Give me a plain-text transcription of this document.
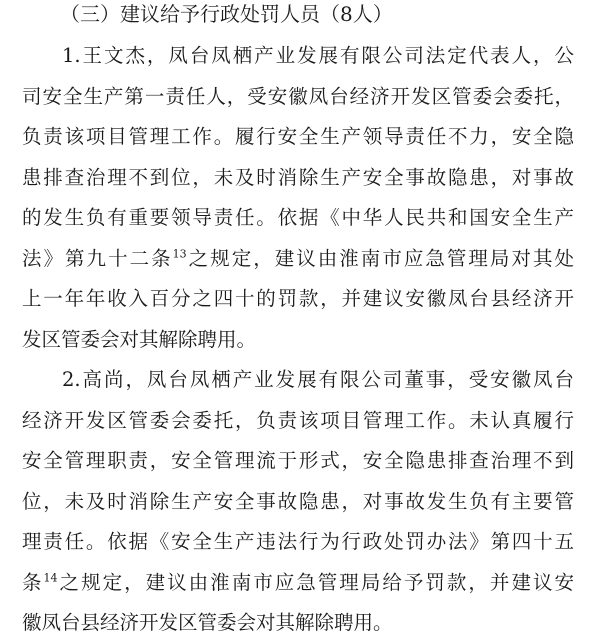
（三）建议给予行政处罚人员（8人）

1.王文杰，凤台凤栖产业发展有限公司法定代表人，公
司安全生产第一责任人，受安徽凤台经济开发区管委会委托，
负责该项目管理工作。履行安全生产领导责任不力，安全隐
患排查治理不到位，未及时消除生产安全事故隐患，对事故
的发生负有重要领导责任。依据《中华人民共和国安全生产
法》第九十二条$^{13}$之规定，建议由淮南市应急管理局对其处
上一年年收入百分之四十的罚款，并建议安徽凤台县经济开
发区管委会对其解除聘用。

2.高尚，凤台凤栖产业发展有限公司董事，受安徽凤台
经济开发区管委会委托，负责该项目管理工作。未认真履行
安全管理职责，安全管理流于形式，安全隐患排查治理不到
位，未及时消除生产安全事故隐患，对事故发生负有主要管
理责任。依据《安全生产违法行为行政处罚办法》第四十五
条$^{14}$之规定，建议由淮南市应急管理局给予罚款，并建议安
徽凤台县经济开发区管委会对其解除聘用。
